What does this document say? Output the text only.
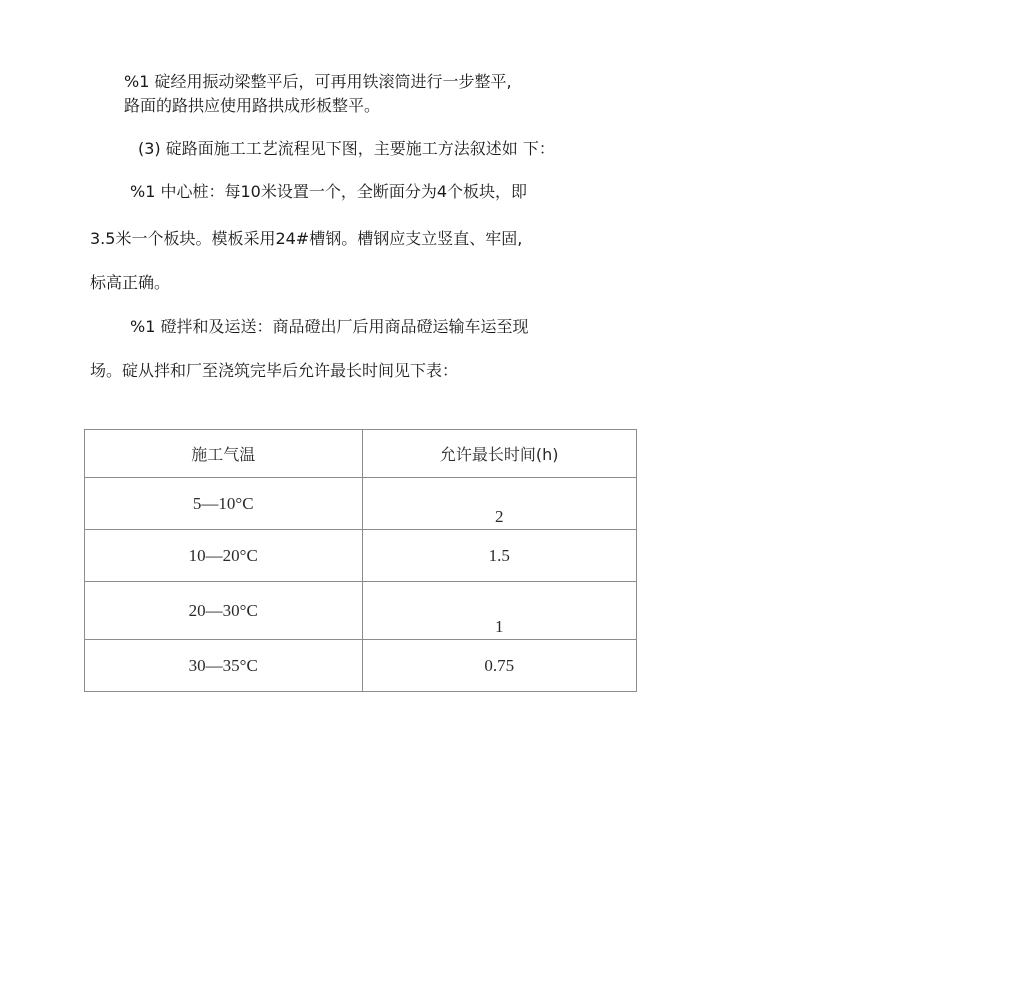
%1 碇经用振动梁整平后，可再用铁滚筒进行一步整平,
路面的路拱应使用路拱成形板整平。
(3) 碇路面施工工艺流程见下图，主要施工方法叙述如 下：
%1 中心桩：每10米设置一个，全断面分为4个板块，即
3.5米一个板块。模板采用24#槽钢。槽钢应支立竖直、牢固,
标高正确。
%1 磴拌和及运送：商品磴出厂后用商品磴运输车运至现
场。碇从拌和厂至浇筑完毕后允许最长时间见下表：
施工气温	允许最长时间(h)
5—10°C	2
10—20°C	1.5
20—30°C	1
30—35°C	0.75
